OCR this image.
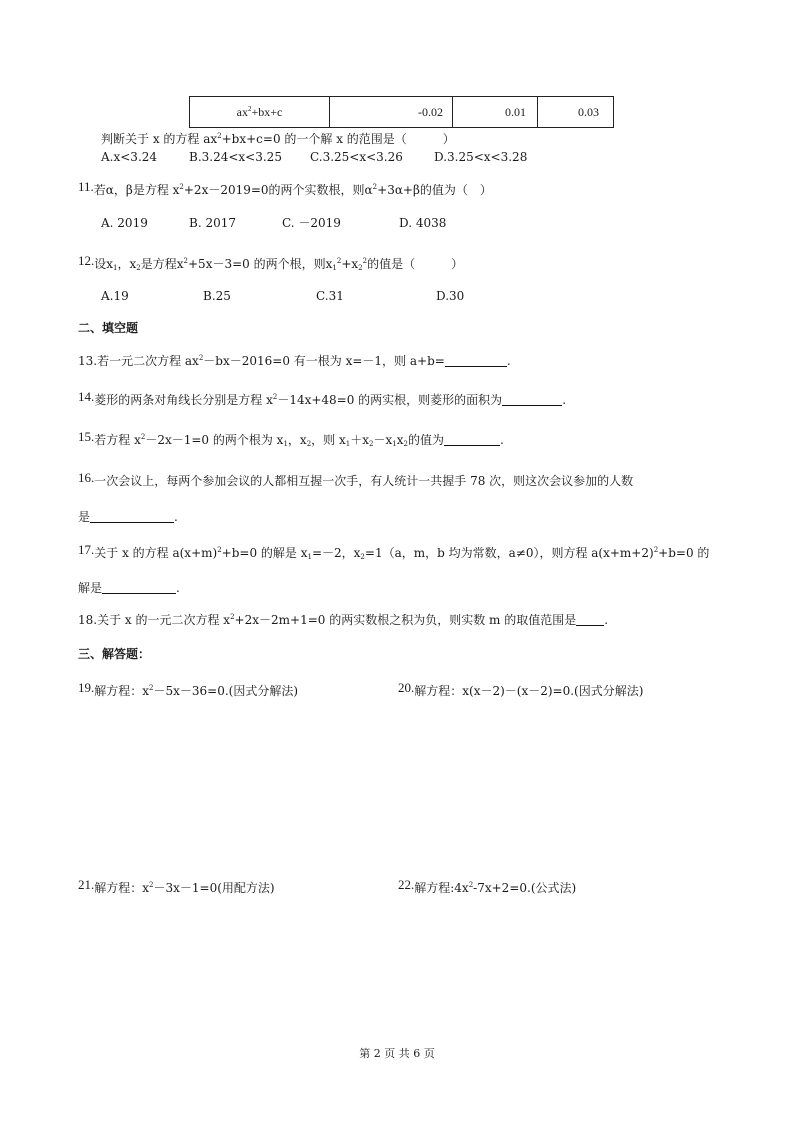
$ax^2+bx+c$	-0.02	0.01	0.03
判断关于 x 的方程 $ax^2+bx+c=0$ 的一个解 x 的范围是（　　　）
A.x<3.24	B.3.24<x<3.25 C.3.25<x<3.26	D.3.25<x<3.28
11.若α，β是方程 $x^2+2x-2019=0$的两个实数根，则$\alpha^2+3\alpha+\beta$的值为（　）
A. 2019	B. 2017	C. －2019	D. 4038
12.设$x_1$，$x_2$是方程$x^2+5x-3=0$ 的两个根，则$x_1^2+x_2^2$的值是（　　　）
A.19	B.25	C.31	D.30
二、填空题
13.若一元二次方程 $ax^2-bx-2016=0$ 有一根为 x=－1，则 a+b=	.
14.菱形的两条对角线长分别是方程 $x^2-14x+48=0$ 的两实根，则菱形的面积为	.
15.若方程 $x^2-2x-1=0$ 的两个根为 $x_1$，$x_2$，则 $x_1+x_2-x_1x_2$的值为	.
16.一次会议上，每两个参加会议的人都相互握一次手，有人统计一共握手 78 次，则这次会议参加的人数
是	.
17.关于 x 的方程 $a(x+m)^2+b=0$ 的解是 $x_1=-2$，$x_2=1(a$，m，b 均为常数，a≠0），则方程 $a(x+m+2)^2+b=0$ 的
解是	.
18.关于 x 的一元二次方程 $x^2+2x-2m+1=0$ 的两实数根之积为负，则实数 m 的取值范围是 .
三、解答题：
19.解方程：$x^2-5x-36=0$.(因式分解法)	20.解方程：x(x－2)－(x－2)=0.(因式分解法)
21.解方程：$x^2-3x-1=0$(用配方法)	22.解方程$:4x^2-7x+2=0$.(公式法)
第 2 页 共 6 页
